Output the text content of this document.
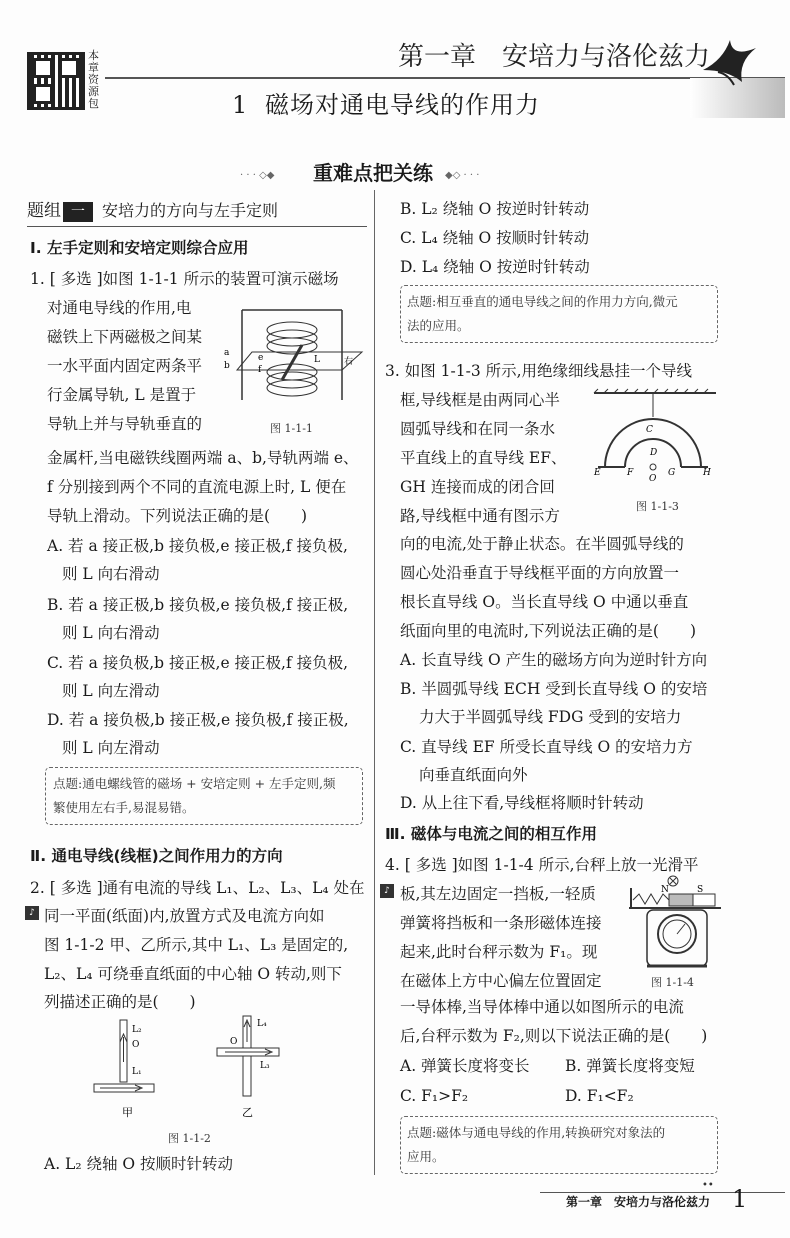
本章资源包
第一章　安培力与洛伦兹力
1 磁场对通电导线的作用力
· · · ◇◆ 重难点把关练 ◆◇ · · ·
题组 一	安培力的方向与左手定则
Ⅰ. 左手定则和安培定则综合应用
1. [ 多选 ]如图 1-1-1 所示的装置可演示磁场
对通电导线的作用,电
磁铁上下两磁极之间某
一水平面内固定两条平
行金属导轨, L 是置于
导轨上并与导轨垂直的
a
b
e
f
L	右
图 1-1-1
金属杆,当电磁铁线圈两端 a、b,导轨两端 e、
f 分别接到两个不同的直流电源上时, L 便在
导轨上滑动。下列说法正确的是(　　)
A. 若 a 接正极,b 接负极,e 接正极,f 接负极,
则 L 向右滑动
B. 若 a 接正极,b 接负极,e 接负极,f 接正极,
则 L 向右滑动
C. 若 a 接负极,b 接正极,e 接正极,f 接负极,
则 L 向左滑动
D. 若 a 接负极,b 接正极,e 接负极,f 接正极,
则 L 向左滑动
点题:通电螺线管的磁场 + 安培定则 + 左手定则,频
繁使用左右手,易混易错。
Ⅱ. 通电导线(线框)之间作用力的方向
2. [ 多选 ]通有电流的导线 L₁、L₂、L₃、L₄ 处在
♪ 同一平面(纸面)内,放置方式及电流方向如
图 1-1-2 甲、乙所示,其中 L₁、L₃ 是固定的,
L₂、L₄ 可绕垂直纸面的中心轴 O 转动,则下
列描述正确的是(　　)
L₂
O
L₁
L₄
O
L₃
甲	乙
图 1-1-2
A. L₂ 绕轴 O 按顺时针转动
B. L₂ 绕轴 O 按逆时针转动
C. L₄ 绕轴 O 按顺时针转动
D. L₄ 绕轴 O 按逆时针转动
点题:相互垂直的通电导线之间的作用力方向,微元
法的应用。
3. 如图 1-1-3 所示,用绝缘细线悬挂一个导线
框,导线框是由两同心半
圆弧导线和在同一条水
平直线上的直导线 EF、
GH 连接而成的闭合回
路,导线框中通有图示方
C
D
E	F
O
G	H
图 1-1-3
向的电流,处于静止状态。在半圆弧导线的
圆心处沿垂直于导线框平面的方向放置一
根长直导线 O。当长直导线 O 中通以垂直
纸面向里的电流时,下列说法正确的是(　　)
A. 长直导线 O 产生的磁场方向为逆时针方向
B. 半圆弧导线 ECH 受到长直导线 O 的安培
力大于半圆弧导线 FDG 受到的安培力
C. 直导线 EF 所受长直导线 O 的安培力方
向垂直纸面向外
D. 从上往下看,导线框将顺时针转动
Ⅲ. 磁体与电流之间的相互作用
4. [ 多选 ]如图 1-1-4 所示,台秤上放一光滑平
♪ 板,其左边固定一挡板,一轻质
弹簧将挡板和一条形磁体连接
起来,此时台秤示数为 F₁。现
在磁体上方中心偏左位置固定
N	S
图 1-1-4
一导体棒,当导体棒中通以如图所示的电流
后,台秤示数为 F₂,则以下说法正确的是(　　)
A. 弹簧长度将变长 B. 弹簧长度将变短
C. F₁>F₂	D. F₁<F₂
点题:磁体与通电导线的作用,转换研究对象法的
应用。
••
第一章　安培力与洛伦兹力 1
